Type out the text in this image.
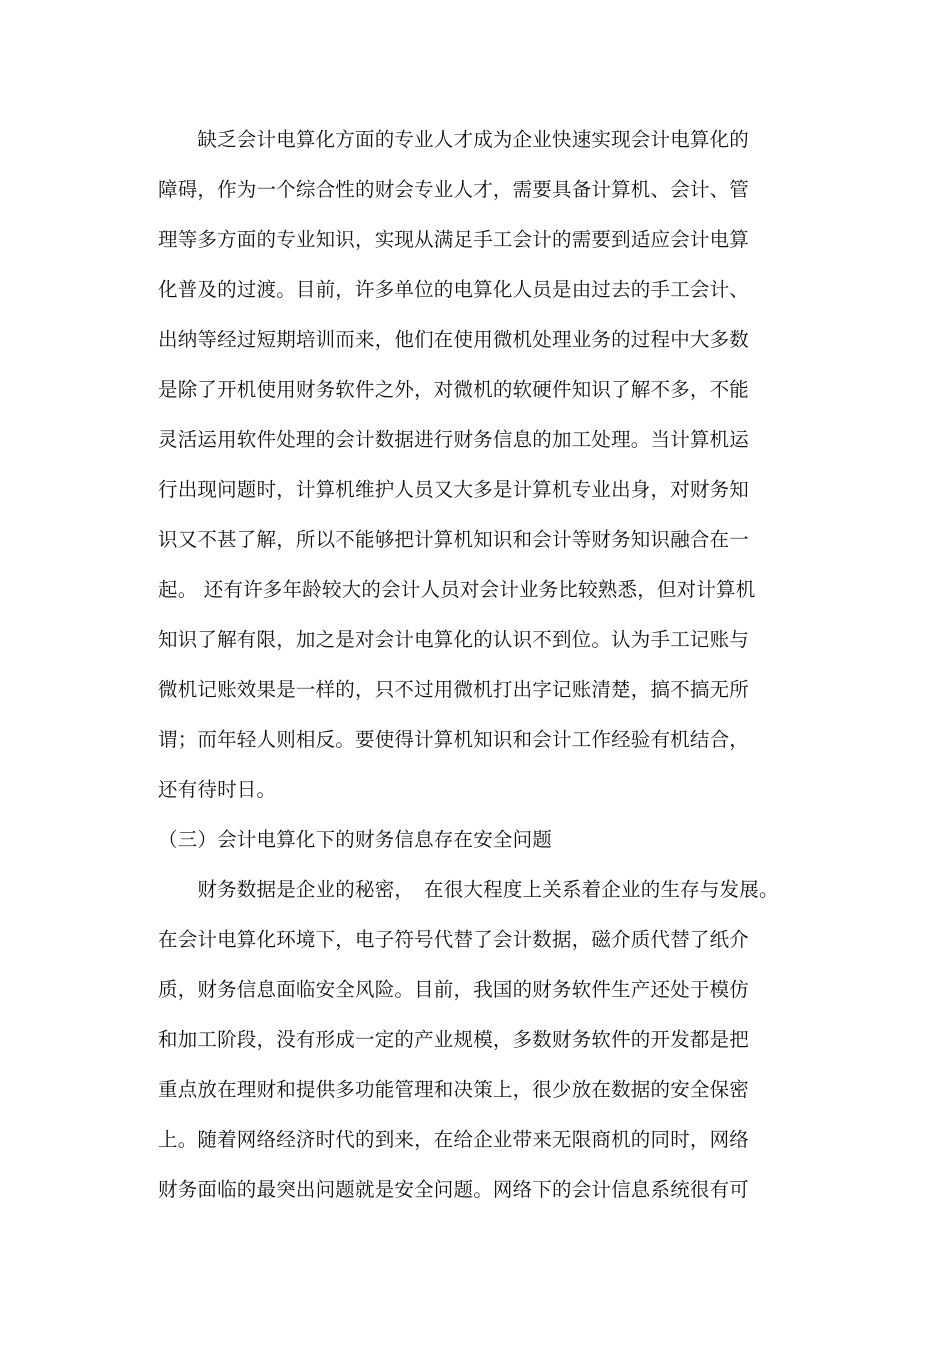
　　缺乏会计电算化方面的专业人才成为企业快速实现会计电算化的
障碍，作为一个综合性的财会专业人才，需要具备计算机、会计、管
理等多方面的专业知识，实现从满足手工会计的需要到适应会计电算
化普及的过渡。目前，许多单位的电算化人员是由过去的手工会计、
出纳等经过短期培训而来，他们在使用微机处理业务的过程中大多数
是除了开机使用财务软件之外，对微机的软硬件知识了解不多，不能
灵活运用软件处理的会计数据进行财务信息的加工处理。当计算机运
行出现问题时，计算机维护人员又大多是计算机专业出身，对财务知
识又不甚了解，所以不能够把计算机知识和会计等财务知识融合在一
起。 还有许多年龄较大的会计人员对会计业务比较熟悉，但对计算机
知识了解有限，加之是对会计电算化的认识不到位。认为手工记账与
微机记账效果是一样的，只不过用微机打出字记账清楚，搞不搞无所
谓；而年轻人则相反。要使得计算机知识和会计工作经验有机结合，
还有待时日。
（三）会计电算化下的财务信息存在安全问题
　　财务数据是企业的秘密，　在很大程度上关系着企业的生存与发展。
在会计电算化环境下，电子符号代替了会计数据，磁介质代替了纸介
质，财务信息面临安全风险。目前，我国的财务软件生产还处于模仿
和加工阶段，没有形成一定的产业规模，多数财务软件的开发都是把
重点放在理财和提供多功能管理和决策上，很少放在数据的安全保密
上。随着网络经济时代的到来，在给企业带来无限商机的同时，网络
财务面临的最突出问题就是安全问题。网络下的会计信息系统很有可
